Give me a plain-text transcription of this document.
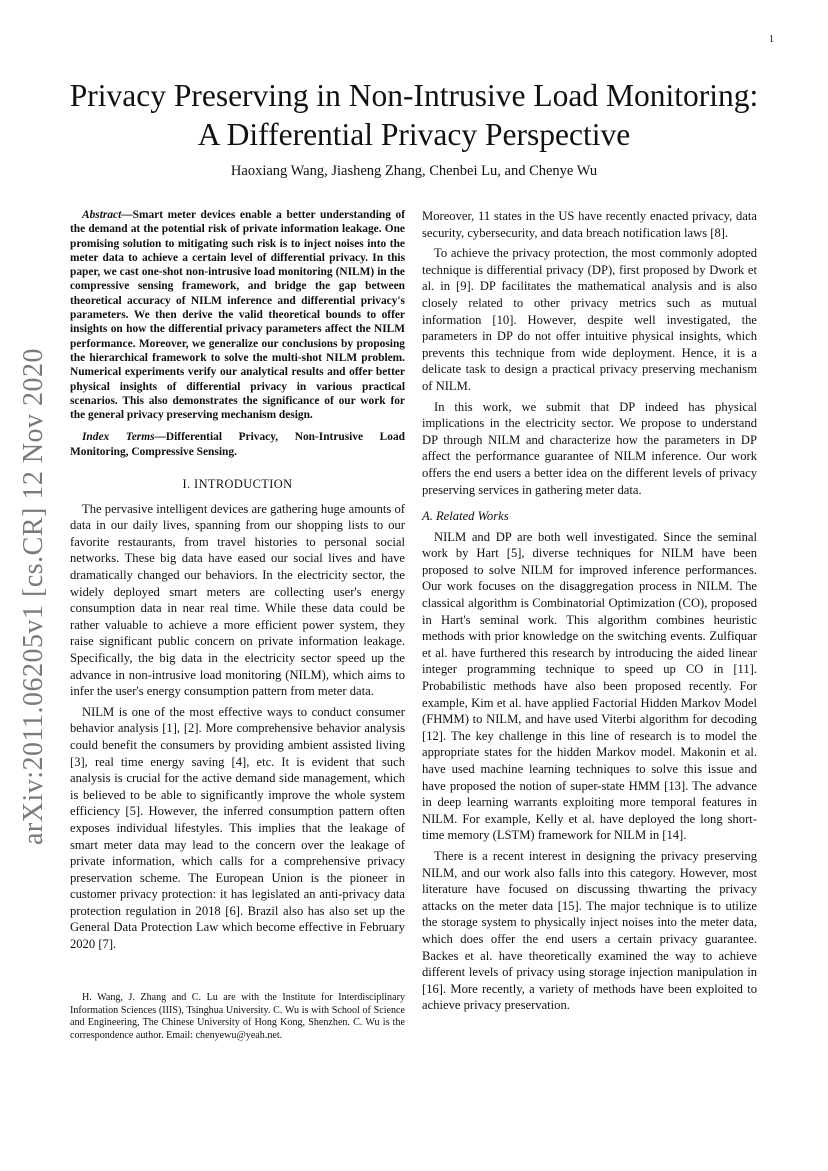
1
arXiv:2011.06205v1 [cs.CR] 12 Nov 2020
Privacy Preserving in Non-Intrusive Load Monitoring: A Differential Privacy Perspective
Haoxiang Wang, Jiasheng Zhang, Chenbei Lu, and Chenye Wu

Abstract—Smart meter devices enable a better understanding of the demand at the potential risk of private information leakage. One promising solution to mitigating such risk is to inject noises into the meter data to achieve a certain level of differential privacy. In this paper, we cast one-shot non-intrusive load monitoring (NILM) in the compressive sensing framework, and bridge the gap between theoretical accuracy of NILM inference and differential privacy's parameters. We then derive the valid theoretical bounds to offer insights on how the differential privacy parameters affect the NILM performance. Moreover, we generalize our conclusions by proposing the hierarchical framework to solve the multi-shot NILM problem. Numerical experiments verify our analytical results and offer better physical insights of differential privacy in various practical scenarios. This also demonstrates the significance of our work for the general privacy preserving mechanism design.

Index Terms—Differential Privacy, Non-Intrusive Load Monitoring, Compressive Sensing.

I. INTRODUCTION

The pervasive intelligent devices are gathering huge amounts of data in our daily lives, spanning from our shopping lists to our favorite restaurants, from travel histories to personal social networks. These big data have eased our social lives and have dramatically changed our behaviors. In the electricity sector, the widely deployed smart meters are collecting user's energy consumption data in near real time. While these data could be rather valuable to achieve a more efficient power system, they raise significant public concern on private information leakage. Specifically, the big data in the electricity sector speed up the advance in non-intrusive load monitoring (NILM), which aims to infer the user's energy consumption pattern from meter data.

NILM is one of the most effective ways to conduct consumer behavior analysis [1], [2]. More comprehensive behavior analysis could benefit the consumers by providing ambient assisted living [3], real time energy saving [4], etc. It is evident that such analysis is crucial for the active demand side management, which is believed to be able to significantly improve the whole system efficiency [5]. However, the inferred consumption pattern often exposes individual lifestyles. This implies that the leakage of smart meter data may lead to the concern over the leakage of private information, which calls for a comprehensive privacy preservation scheme. The European Union is the pioneer in customer privacy protection: it has legislated an anti-privacy data protection regulation in 2018 [6]. Brazil also has also set up the General Data Protection Law which become effective in February 2020 [7].

H. Wang, J. Zhang and C. Lu are with the Institute for Interdisciplinary Information Sciences (IIIS), Tsinghua University. C. Wu is with School of Science and Engineering, The Chinese University of Hong Kong, Shenzhen. C. Wu is the correspondence author. Email: chenyewu@yeah.net.

Moreover, 11 states in the US have recently enacted privacy, data security, cybersecurity, and data breach notification laws [8].

To achieve the privacy protection, the most commonly adopted technique is differential privacy (DP), first proposed by Dwork et al. in [9]. DP facilitates the mathematical analysis and is also closely related to other privacy metrics such as mutual information [10]. However, despite well investigated, the parameters in DP do not offer intuitive physical insights, which prevents this technique from wide deployment. Hence, it is a delicate task to design a practical privacy preserving mechanism of NILM.

In this work, we submit that DP indeed has physical implications in the electricity sector. We propose to understand DP through NILM and characterize how the parameters in DP affect the performance guarantee of NILM inference. Our work offers the end users a better idea on the different levels of privacy preserving services in gathering meter data.

A. Related Works

NILM and DP are both well investigated. Since the seminal work by Hart [5], diverse techniques for NILM have been proposed to solve NILM for improved inference performances. Our work focuses on the disaggregation process in NILM. The classical algorithm is Combinatorial Optimization (CO), proposed in Hart's seminal work. This algorithm combines heuristic methods with prior knowledge on the switching events. Zulfiquar et al. have furthered this research by introducing the aided linear integer programming technique to speed up CO in [11]. Probabilistic methods have also been proposed recently. For example, Kim et al. have applied Factorial Hidden Markov Model (FHMM) to NILM, and have used Viterbi algorithm for decoding [12]. The key challenge in this line of research is to model the appropriate states for the hidden Markov model. Makonin et al. have used machine learning techniques to solve this issue and have proposed the notion of super-state HMM [13]. The advance in deep learning warrants exploiting more temporal features in NILM. For example, Kelly et al. have deployed the long short-time memory (LSTM) framework for NILM in [14].

There is a recent interest in designing the privacy preserving NILM, and our work also falls into this category. However, most literature have focused on discussing thwarting the privacy attacks on the meter data [15]. The major technique is to utilize the storage system to physically inject noises into the meter data, which does offer the end users a certain privacy guarantee. Backes et al. have theoretically examined the way to achieve different levels of privacy using storage injection manipulation in [16]. More recently, a variety of methods have been exploited to achieve privacy preservation.
